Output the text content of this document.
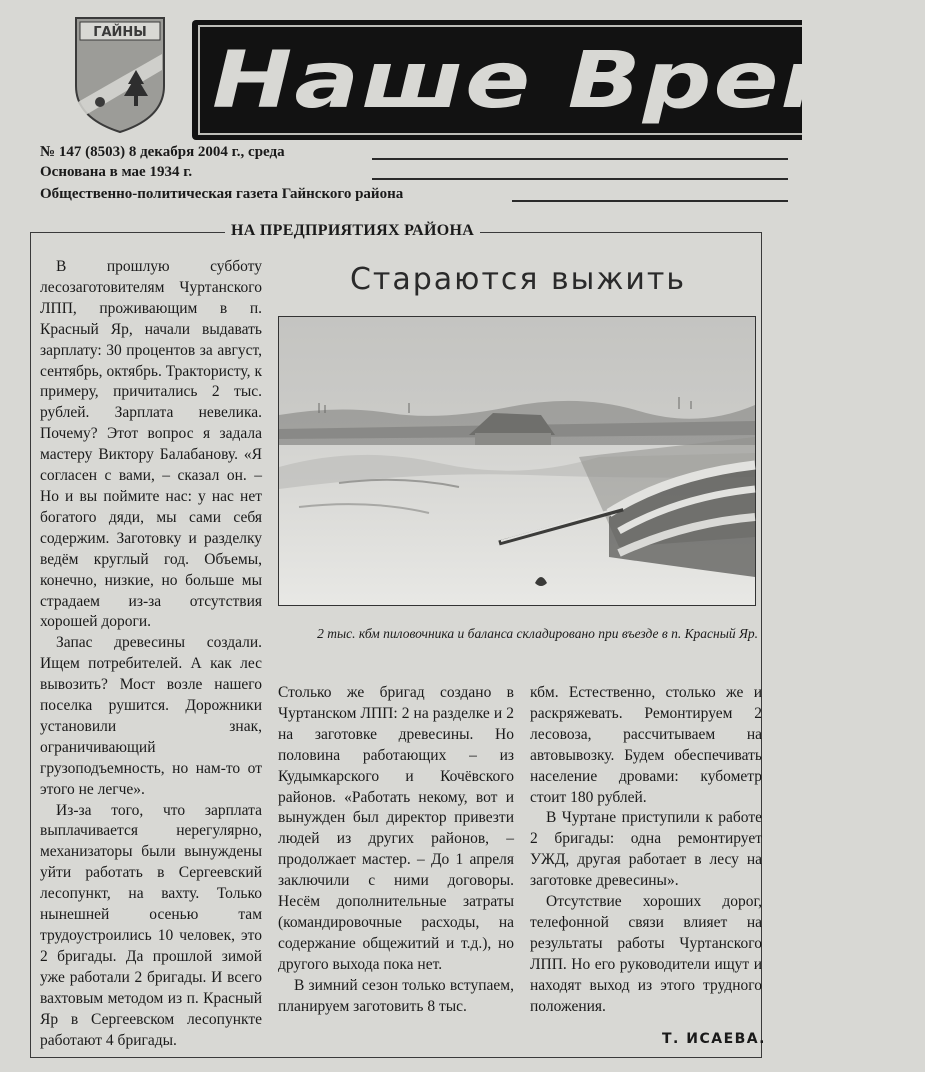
ГАЙНЫ
Наше Время
№ 147 (8503) 8 декабря 2004 г., среда
Основана в мае 1934 г.
Общественно-политическая газета Гайнского района
НА ПРЕДПРИЯТИЯХ РАЙОНА
Стараются выжить
2 тыс. кбм пиловочника и баланса складировано при въезде в п. Красный Яр.

В прошлую субботу лесозаготовителям Чуртанского ЛПП, проживающим в п. Красный Яр, начали выдавать зарплату: 30 процентов за август, сентябрь, октябрь. Трактористу, к примеру, причитались 2 тыс. рублей. Зарплата невелика. Почему? Этот вопрос я задала мастеру Виктору Балабанову. «Я согласен с вами, – сказал он. – Но и вы поймите нас: у нас нет богатого дяди, мы сами себя содержим. Заготовку и разделку ведём круглый год. Объемы, конечно, низкие, но больше мы страдаем из-за отсутствия хорошей дороги.

Запас древесины создали. Ищем потребителей. А как лес вывозить? Мост возле нашего поселка рушится. Дорожники установили знак, ограничивающий грузоподъемность, но нам-то от этого не легче».

Из-за того, что зарплата выплачивается нерегулярно, механизаторы были вынуждены уйти работать в Сергеевский лесопункт, на вахту. Только нынешней осенью там трудоустроились 10 человек, это 2 бригады. Да прошлой зимой уже работали 2 бригады. И всего вахтовым методом из п. Красный Яр в Сергеевском лесопункте работают 4 бригады.

Столько же бригад создано в Чуртанском ЛПП: 2 на разделке и 2 на заготовке древесины. Но половина работающих – из Кудымкарского и Кочёвского районов. «Работать некому, вот и вынужден был директор привезти людей из других районов, – продолжает мастер. – До 1 апреля заключили с ними договоры. Несём дополнительные затраты (командировочные расходы, на содержание общежитий и т.д.), но другого выхода пока нет.

В зимний сезон только вступаем, планируем заготовить 8 тыс.

кбм. Естественно, столько же и раскряжевать. Ремонтируем 2 лесовоза, рассчитываем на автовывозку. Будем обеспечивать население дровами: кубометр стоит 180 рублей.

В Чуртане приступили к работе 2 бригады: одна ремонтирует УЖД, другая работает в лесу на заготовке древесины».

Отсутствие хороших дорог, телефонной связи влияет на результаты работы Чуртанского ЛПП. Но его руководители ищут и находят выход из этого трудного положения.

Т. ИСАЕВА.
